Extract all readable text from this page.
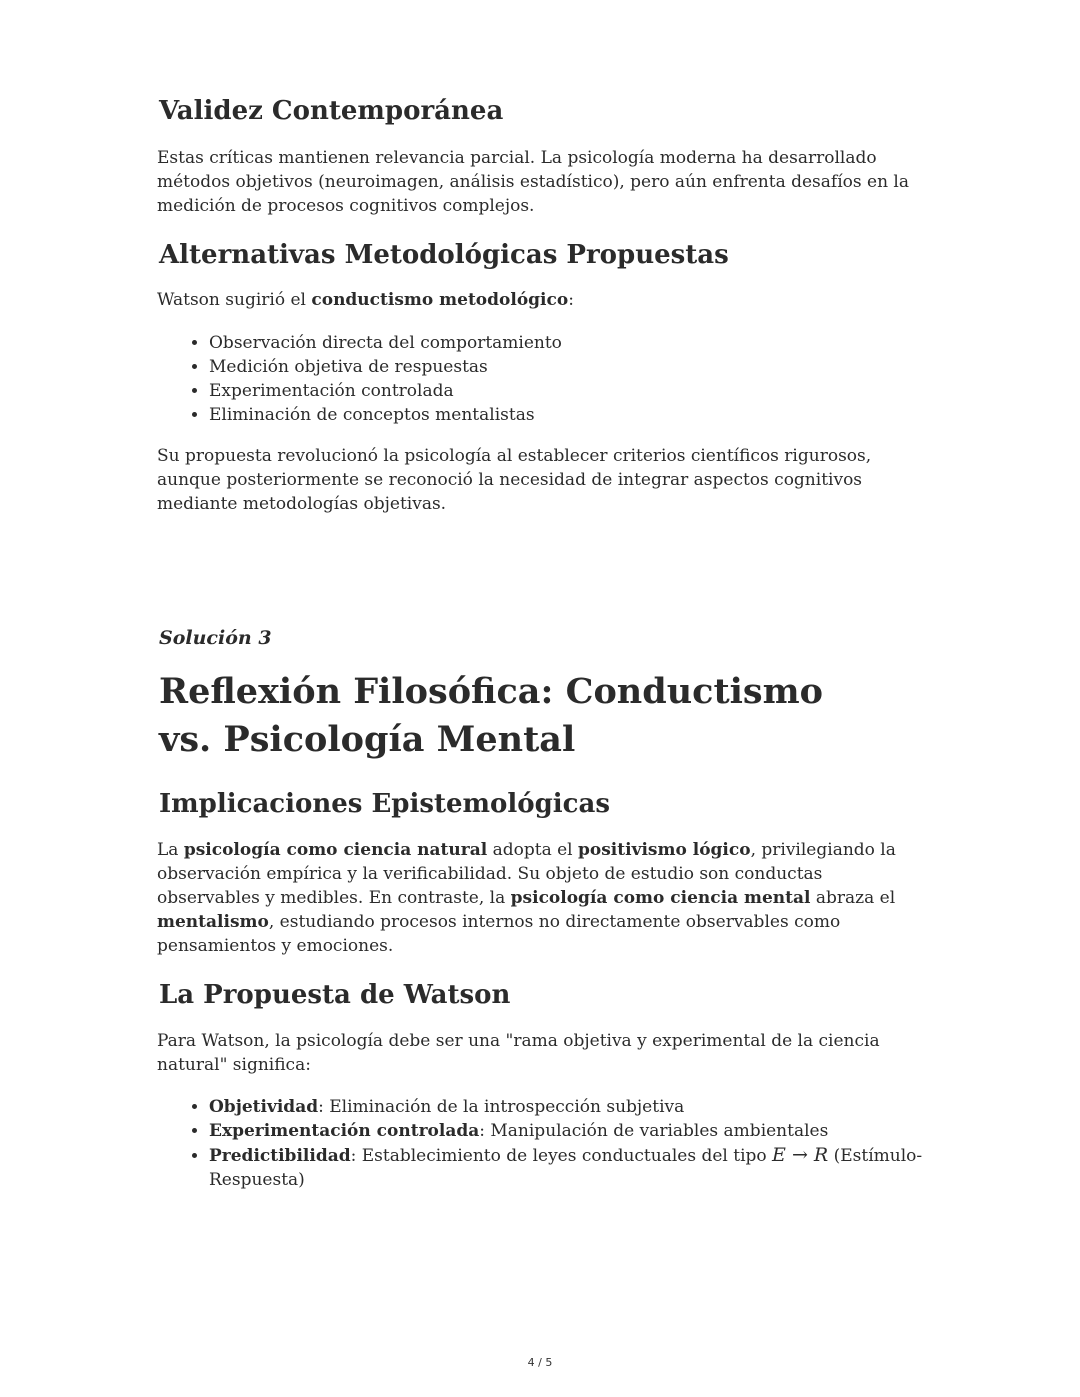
Validez Contemporánea

Estas críticas mantienen relevancia parcial. La psicología moderna ha desarrollado métodos objetivos (neuroimagen, análisis estadístico), pero aún enfrenta desafíos en la medición de procesos cognitivos complejos.

Alternativas Metodológicas Propuestas

Watson sugirió el conductismo metodológico:

• Observación directa del comportamiento
• Medición objetiva de respuestas
• Experimentación controlada
• Eliminación de conceptos mentalistas

Su propuesta revolucionó la psicología al establecer criterios científicos rigurosos, aunque posteriormente se reconoció la necesidad de integrar aspectos cognitivos mediante metodologías objetivas.

Solución 3
Reflexión Filosófica: Conductismo vs. Psicología Mental
Implicaciones Epistemológicas

La psicología como ciencia natural adopta el positivismo lógico, privilegiando la observación empírica y la verificabilidad. Su objeto de estudio son conductas observables y medibles. En contraste, la psicología como ciencia mental abraza el mentalismo, estudiando procesos internos no directamente observables como pensamientos y emociones.

La Propuesta de Watson

Para Watson, la psicología debe ser una "rama objetiva y experimental de la ciencia natural" significa:

• Objetividad: Eliminación de la introspección subjetiva
• Experimentación controlada: Manipulación de variables ambientales
• Predictibilidad: Establecimiento de leyes conductuales del tipo E → R (Estímulo-Respuesta)
4 / 5
